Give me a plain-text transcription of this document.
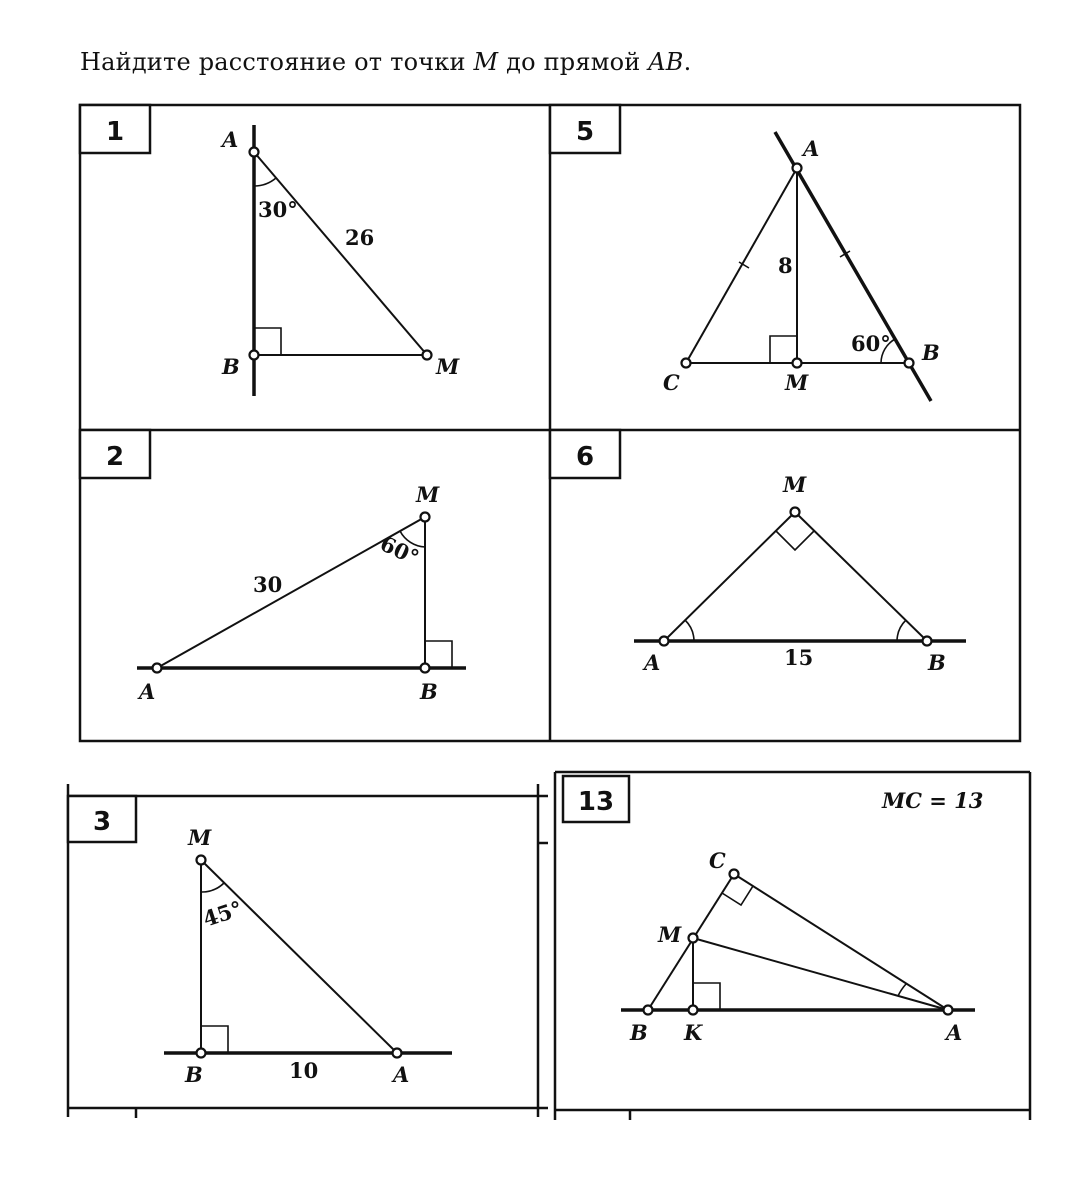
Найдите расстояние от точки M до прямой AB.
1	A
B	M
30°
26
5
A
C	M
B
8
60°
2
A	B
M
30
60°
6
A	B
M
15
3
M
B	A
10
45°
13	MC = 13
C
M
B K	A
